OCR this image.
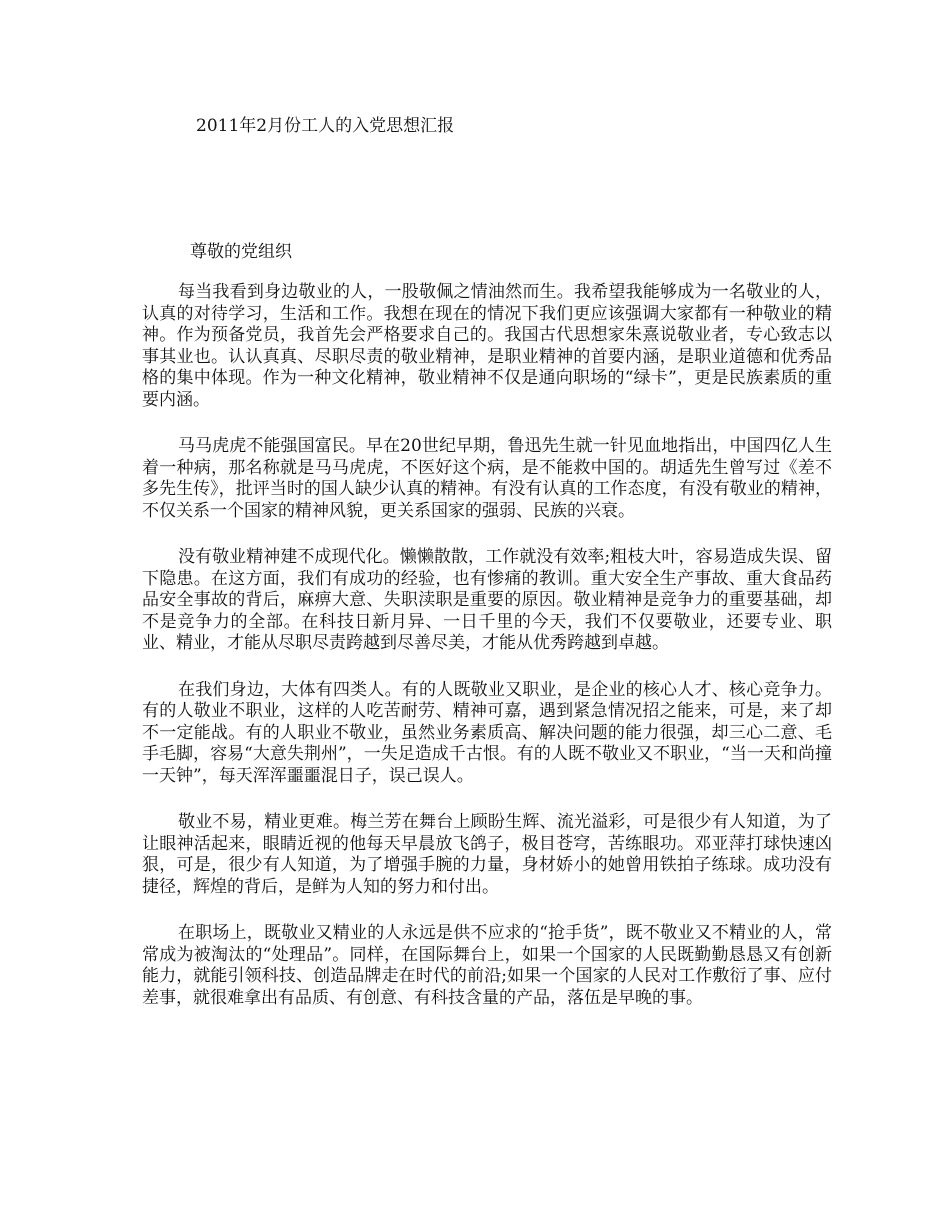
2011年2月份工人的入党思想汇报
尊敬的党组织

每当我看到身边敬业的人，一股敬佩之情油然而生。我希望我能够成为一名敬业的人，认真的对待学习，生活和工作。我想在现在的情况下我们更应该强调大家都有一种敬业的精神。作为预备党员，我首先会严格要求自己的。我国古代思想家朱熹说敬业者，专心致志以事其业也。认认真真、尽职尽责的敬业精神，是职业精神的首要内涵，是职业道德和优秀品格的集中体现。作为一种文化精神，敬业精神不仅是通向职场的“绿卡”，更是民族素质的重要内涵。

马马虎虎不能强国富民。早在20世纪早期，鲁迅先生就一针见血地指出，中国四亿人生着一种病，那名称就是马马虎虎，不医好这个病，是不能救中国的。胡适先生曾写过《差不多先生传》，批评当时的国人缺少认真的精神。有没有认真的工作态度，有没有敬业的精神，不仅关系一个国家的精神风貌，更关系国家的强弱、民族的兴衰。

没有敬业精神建不成现代化。懒懒散散，工作就没有效率;粗枝大叶，容易造成失误、留下隐患。在这方面，我们有成功的经验，也有惨痛的教训。重大安全生产事故、重大食品药品安全事故的背后，麻痹大意、失职渎职是重要的原因。敬业精神是竞争力的重要基础，却不是竞争力的全部。在科技日新月异、一日千里的今天，我们不仅要敬业，还要专业、职业、精业，才能从尽职尽责跨越到尽善尽美，才能从优秀跨越到卓越。

在我们身边，大体有四类人。有的人既敬业又职业，是企业的核心人才、核心竞争力。有的人敬业不职业，这样的人吃苦耐劳、精神可嘉，遇到紧急情况招之能来，可是，来了却不一定能战。有的人职业不敬业，虽然业务素质高、解决问题的能力很强，却三心二意、毛手毛脚，容易“大意失荆州”，一失足造成千古恨。有的人既不敬业又不职业，“当一天和尚撞一天钟”，每天浑浑噩噩混日子，误己误人。

敬业不易，精业更难。梅兰芳在舞台上顾盼生辉、流光溢彩，可是很少有人知道，为了让眼神活起来，眼睛近视的他每天早晨放飞鸽子，极目苍穹，苦练眼功。邓亚萍打球快速凶狠，可是，很少有人知道，为了增强手腕的力量，身材娇小的她曾用铁拍子练球。成功没有捷径，辉煌的背后，是鲜为人知的努力和付出。

在职场上，既敬业又精业的人永远是供不应求的“抢手货”，既不敬业又不精业的人，常常成为被淘汰的“处理品”。同样，在国际舞台上，如果一个国家的人民既勤勤恳恳又有创新能力，就能引领科技、创造品牌走在时代的前沿;如果一个国家的人民对工作敷衍了事、应付差事，就很难拿出有品质、有创意、有科技含量的产品，落伍是早晚的事。
